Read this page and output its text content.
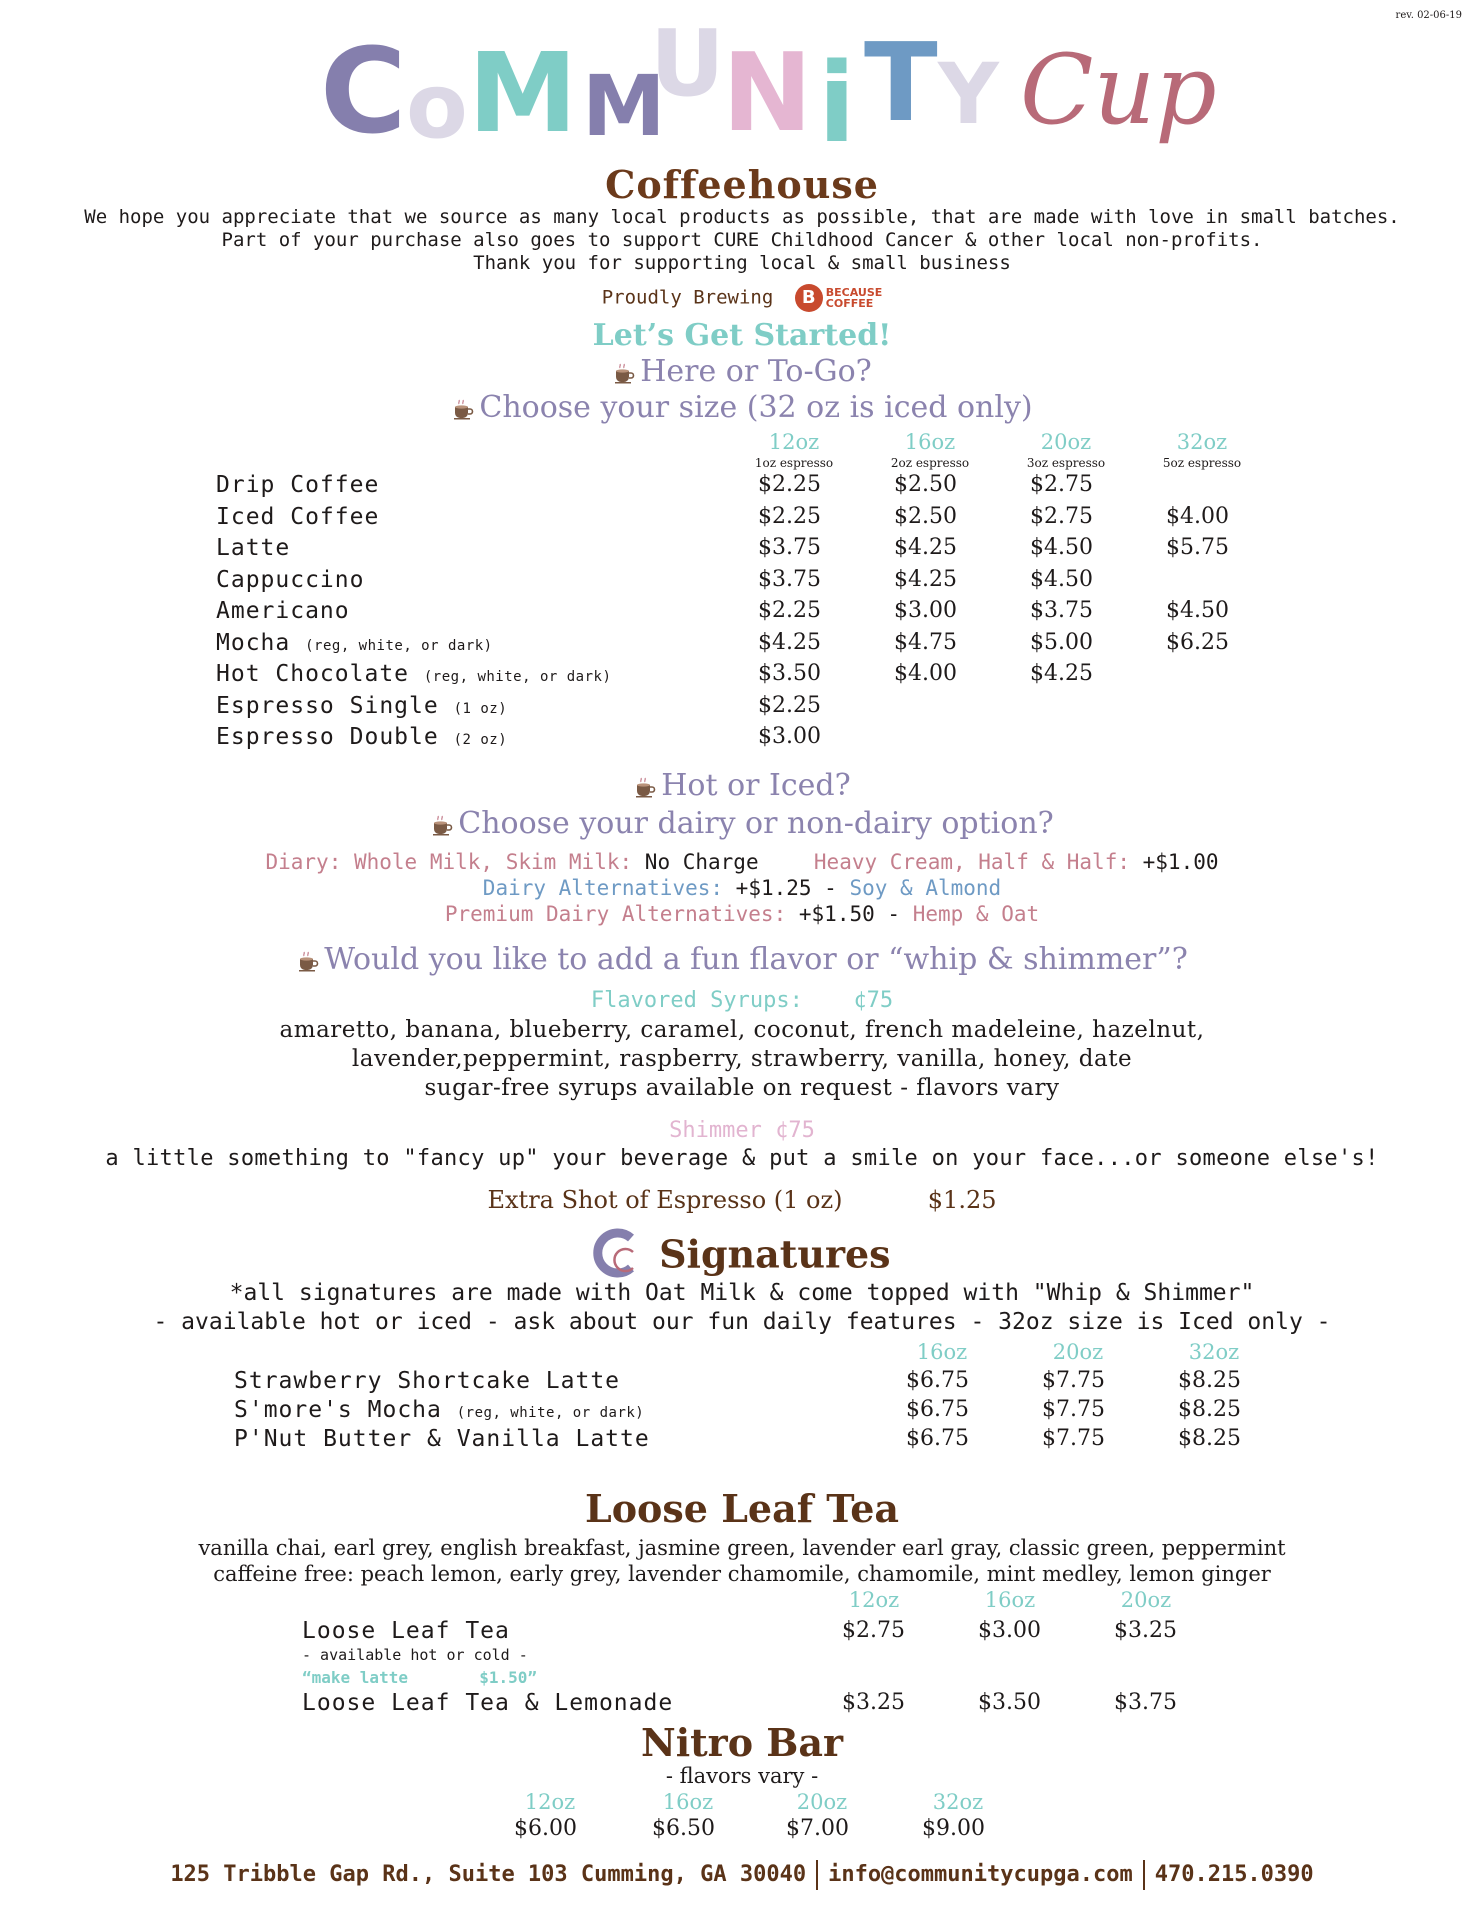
rev. 02-06-19
C o M M
U
N i T Y Cup
Coffeehouse
We hope you appreciate that we source as many local products as possible, that are made with love in small batches.
Part of your purchase also goes to support CURE Childhood Cancer & other local non-profits.
Thank you for supporting local & small business
Proudly Brewing B BECAUSE
COFFEE
Let’s Get Started!
Here or To-Go?
Choose your size (32 oz is iced only)
12oz	16oz	20oz	32oz
1oz espresso	2oz espresso	3oz espresso	5oz espresso
Drip Coffee	$2.25	$2.50	$2.75
Iced Coffee	$2.25	$2.50	$2.75	$4.00
Latte	$3.75	$4.25	$4.50	$5.75
Cappuccino	$3.75	$4.25	$4.50
Americano	$2.25	$3.00	$3.75	$4.50
Mocha (reg, white, or dark)	$4.25	$4.75	$5.00	$6.25
Hot Chocolate (reg, white, or dark)	$3.50	$4.00	$4.25
Espresso Single (1 oz)	$2.25
Espresso Double (2 oz)	$3.00
Hot or Iced?
Choose your dairy or non-dairy option?
Diary: Whole Milk, Skim Milk: No Charge	Heavy Cream, Half & Half: +$1.00
Dairy Alternatives: +$1.25 - Soy & Almond
Premium Dairy Alternatives: +$1.50 - Hemp & Oat
Would you like to add a fun flavor or “whip & shimmer”?
Flavored Syrups: ¢75
amaretto, banana, blueberry, caramel, coconut, french madeleine, hazelnut,
lavender,peppermint, raspberry, strawberry, vanilla, honey, date
sugar-free syrups available on request - flavors vary
Shimmer ¢75
a little something to "fancy up" your beverage & put a smile on your face...or someone else's!
Extra Shot of Espresso (1 oz)	$1.25
Signatures
*all signatures are made with Oat Milk & come topped with "Whip & Shimmer"
- available hot or iced - ask about our fun daily features - 32oz size is Iced only -
16oz	20oz	32oz
Strawberry Shortcake Latte	$6.75	$7.75	$8.25
S'more's Mocha (reg, white, or dark)	$6.75	$7.75	$8.25
P'Nut Butter & Vanilla Latte	$6.75	$7.75	$8.25
Loose Leaf Tea
vanilla chai, earl grey, english breakfast, jasmine green, lavender earl gray, classic green, peppermint
caffeine free: peach lemon, early grey, lavender chamomile, chamomile, mint medley, lemon ginger
12oz	16oz	20oz
Loose Leaf Tea	$2.75	$3.00	$3.25
- available hot or cold -
“make latte	$1.50”
Loose Leaf Tea & Lemonade	$3.25	$3.50	$3.75
Nitro Bar
- flavors vary -
12oz	16oz	20oz	32oz
$6.00	$6.50	$7.00	$9.00
125 Tribble Gap Rd., Suite 103 Cumming, GA 30040 info@communitycupga.com 470.215.0390
